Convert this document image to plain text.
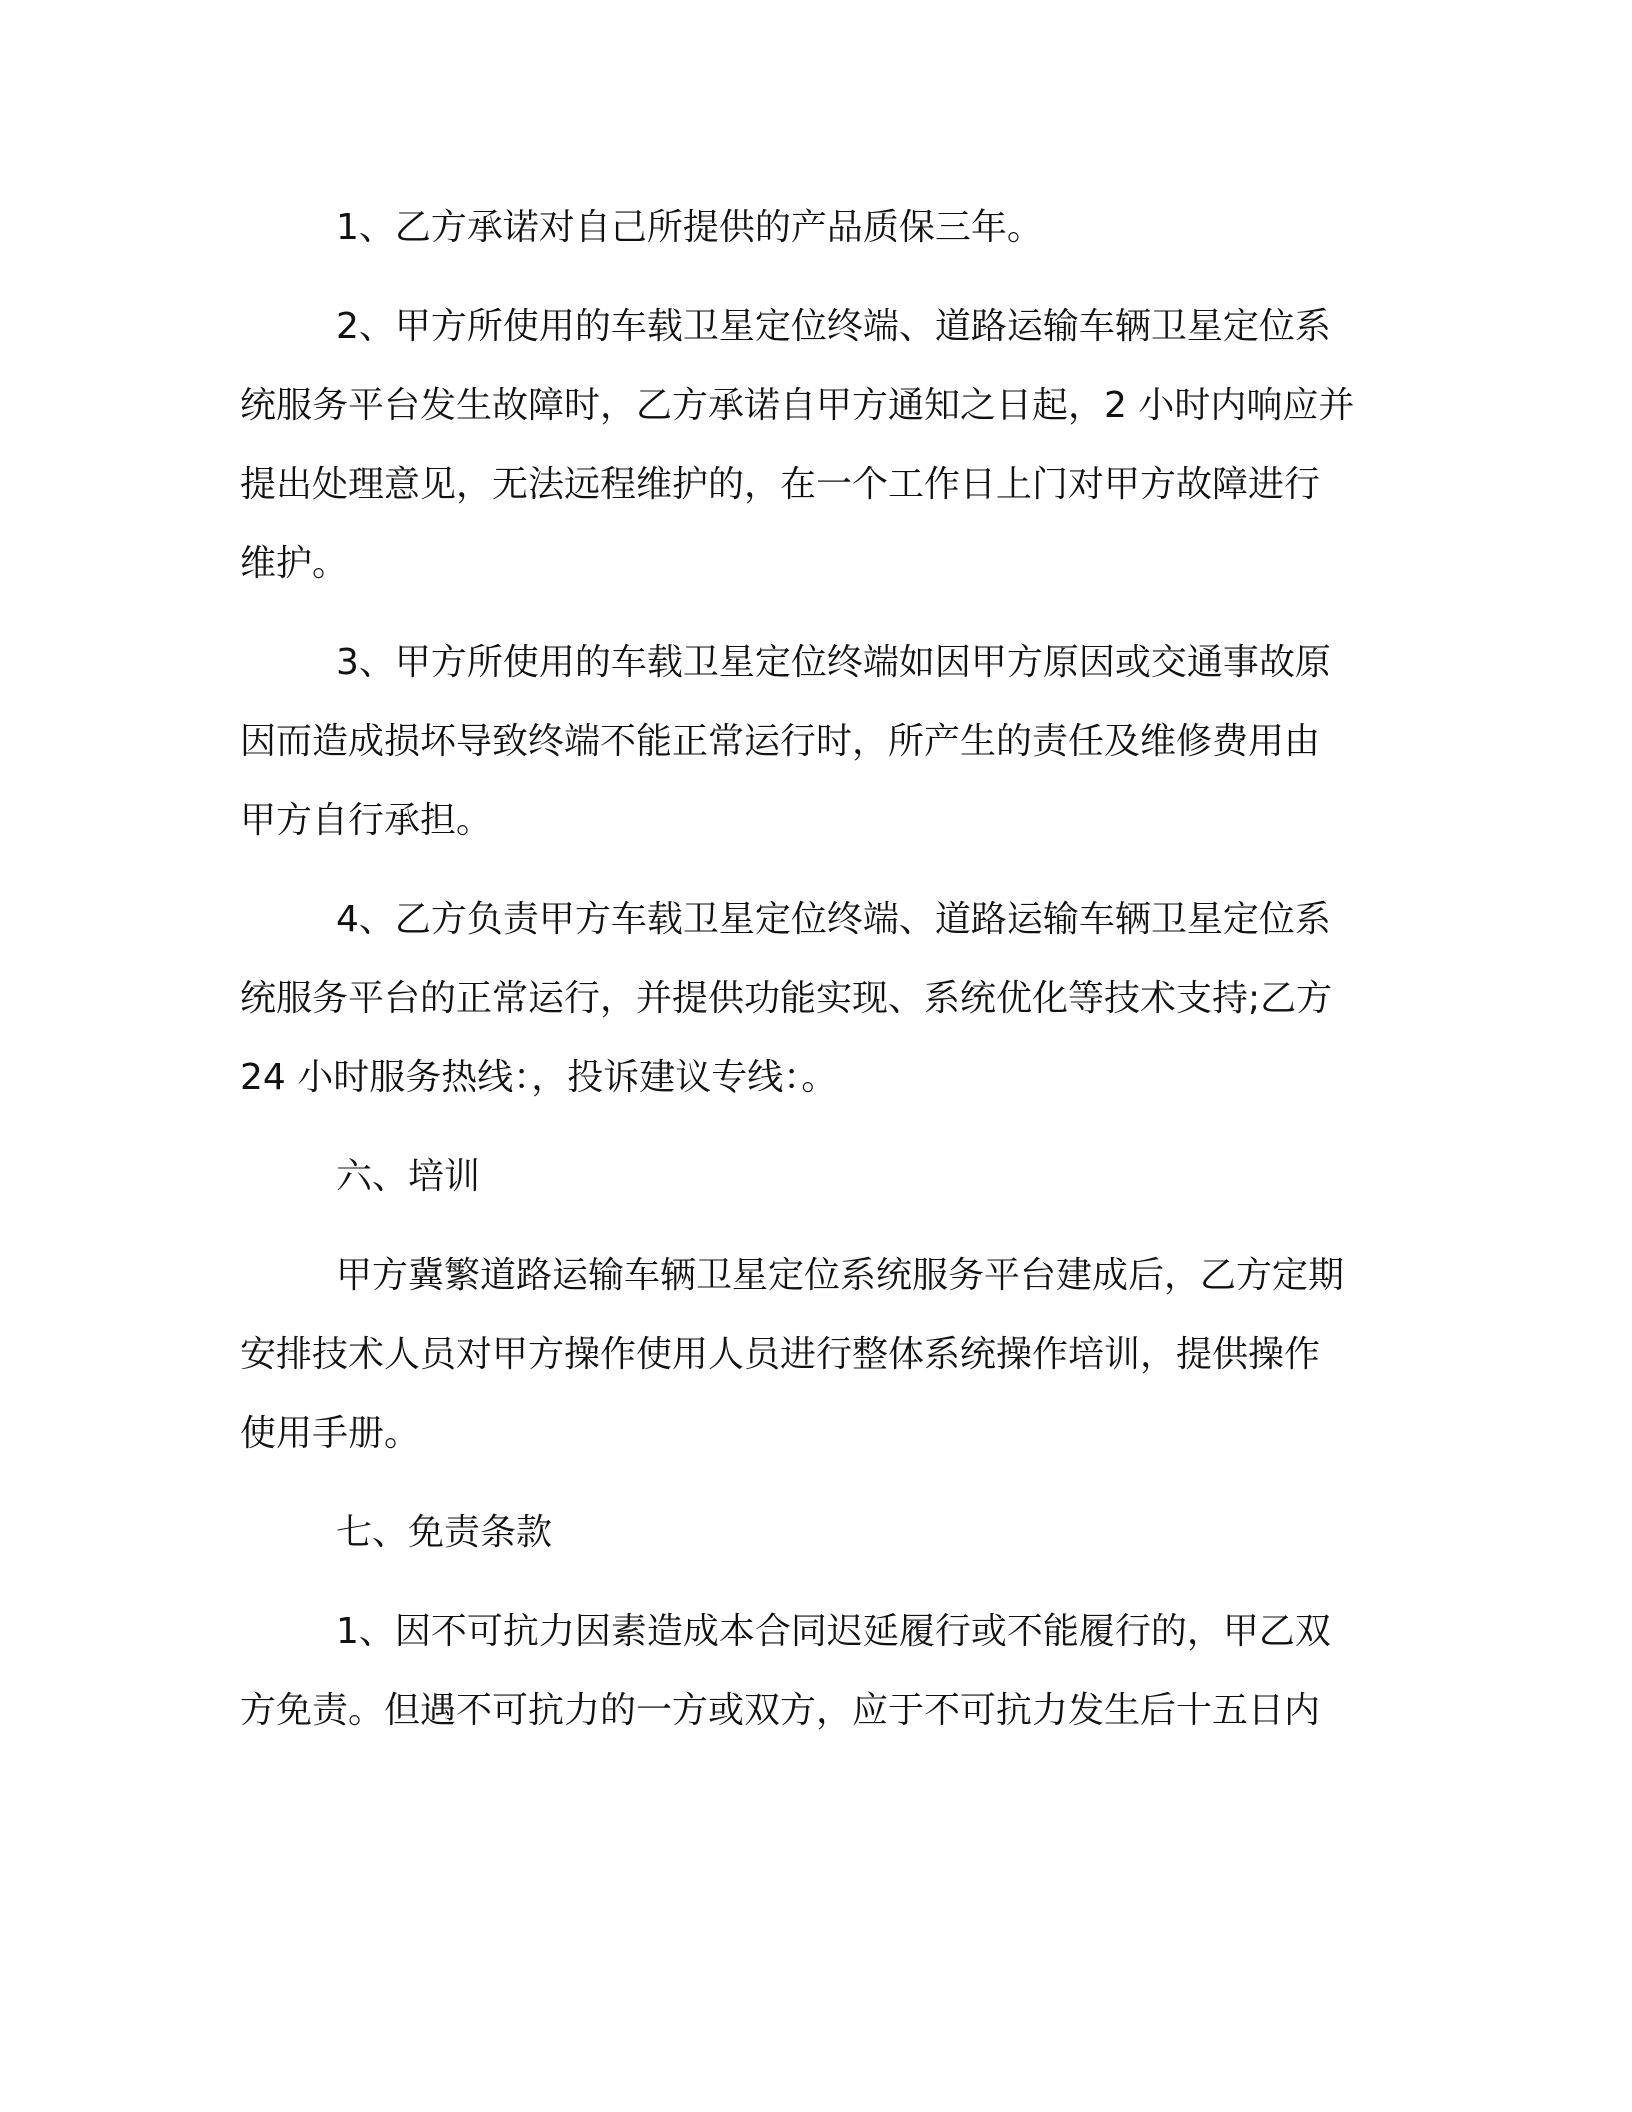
1、乙方承诺对自己所提供的产品质保三年。

2、甲方所使用的车载卫星定位终端、道路运输车辆卫星定位系
统服务平台发生故障时，乙方承诺自甲方通知之日起，2 小时内响应并
提出处理意见，无法远程维护的，在一个工作日上门对甲方故障进行
维护。

3、甲方所使用的车载卫星定位终端如因甲方原因或交通事故原
因而造成损坏导致终端不能正常运行时，所产生的责任及维修费用由
甲方自行承担。

4、乙方负责甲方车载卫星定位终端、道路运输车辆卫星定位系
统服务平台的正常运行，并提供功能实现、系统优化等技术支持;乙方
24 小时服务热线：，投诉建议专线：。

六、培训

甲方冀繁道路运输车辆卫星定位系统服务平台建成后，乙方定期
安排技术人员对甲方操作使用人员进行整体系统操作培训，提供操作
使用手册。

七、免责条款

1、因不可抗力因素造成本合同迟延履行或不能履行的，甲乙双
方免责。但遇不可抗力的一方或双方，应于不可抗力发生后十五日内
